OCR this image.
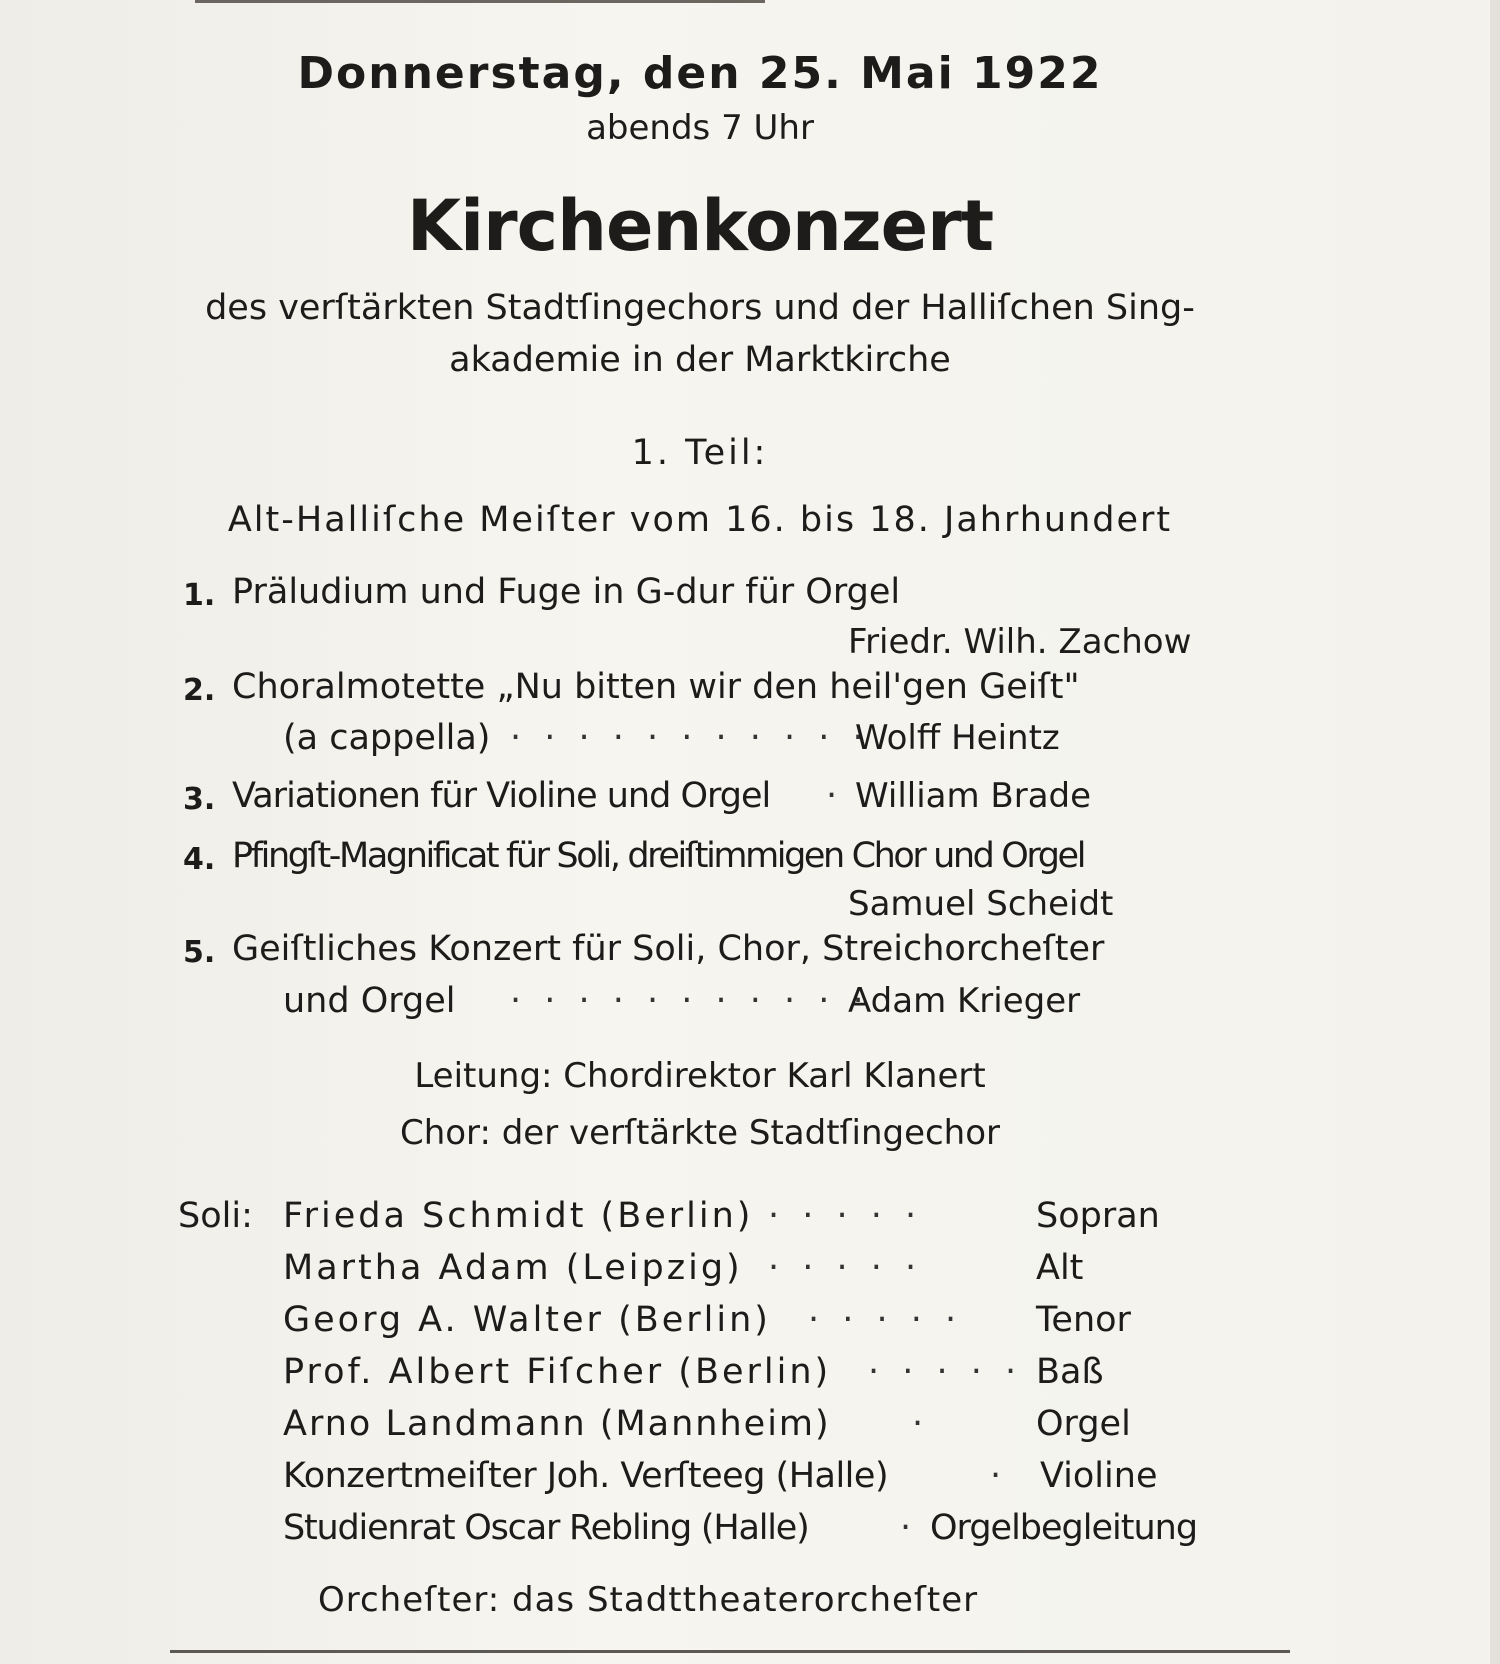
Donnerstag, den 25. Mai 1922
abends 7 Uhr
Kirchenkonzert
des verſtärkten Stadtſingechors und der Halliſchen Sing-
akademie in der Marktkirche
1. Teil:
Alt-Halliſche Meiſter vom 16. bis 18. Jahrhundert
1. Präludium und Fuge in G-dur für Orgel
Friedr. Wilh. Zachow
2. Choralmotette „Nu bitten wir den heil'gen Geiſt"
(a cappella) · · · · · · · · · · ·
Wolff Heintz
3. Variationen für Violine und Orgel · William Brade
4. Pfingſt-Magnificat für Soli, dreiſtimmigen Chor und Orgel
Samuel Scheidt
5. Geiſtliches Konzert für Soli, Chor, Streichorcheſter
und Orgel · · · · · · · · · · ·
Adam Krieger
Leitung: Chordirektor Karl Klanert
Chor: der verſtärkte Stadtſingechor
Soli: Frieda Schmidt (Berlin) · · · · ·	Sopran
Martha Adam (Leipzig) · · · · ·	Alt
Georg A. Walter (Berlin) · · · · · Tenor
Prof. Albert Fiſcher (Berlin) · · · · · Baß
Arno Landmann (Mannheim) ·	Orgel
Konzertmeiſter Joh. Verſteeg (Halle)	· Violine
Studienrat Oscar Rebling (Halle)	· Orgelbegleitung
Orcheſter: das Stadttheaterorcheſter
